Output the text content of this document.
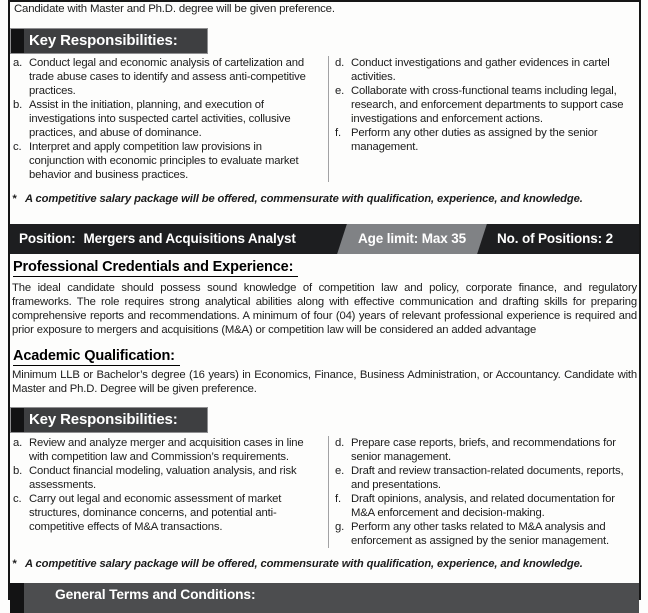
Candidate with Master and Ph.D. degree will be given preference.
Key Responsibilities:
a. Conduct legal and economic analysis of cartelization and trade abuse cases to identify and assess anti-competitive practices.
b. Assist in the initiation, planning, and execution of investigations into suspected cartel activities, collusive practices, and abuse of dominance.
c. Interpret and apply competition law provisions in conjunction with economic principles to evaluate market behavior and business practices.
d. Conduct investigations and gather evidences in cartel activities.
e. Collaborate with cross-functional teams including legal, research, and enforcement departments to support case investigations and enforcement actions.
f. Perform any other duties as assigned by the senior management.
* A competitive salary package will be offered, commensurate with qualification, experience, and knowledge.
Position: Mergers and Acquisitions Analyst	Age limit: Max 35	No. of Positions: 2
Professional Credentials and Experience:
The ideal candidate should possess sound knowledge of competition law and policy, corporate finance, and regulatory frameworks. The role requires strong analytical abilities along with effective communication and drafting skills for preparing comprehensive reports and recommendations. A minimum of four (04) years of relevant professional experience is required and prior exposure to mergers and acquisitions (M&A) or competition law will be considered an added advantage
Academic Qualification:
Minimum LLB or Bachelor’s degree (16 years) in Economics, Finance, Business Administration, or Accountancy. Candidate with Master and Ph.D. Degree will be given preference.
Key Responsibilities:
a. Review and analyze merger and acquisition cases in line with competition law and Commission’s requirements.
b. Conduct financial modeling, valuation analysis, and risk assessments.
c. Carry out legal and economic assessment of market structures, dominance concerns, and potential anti-competitive effects of M&A transactions.
d. Prepare case reports, briefs, and recommendations for senior management.
e. Draft and review transaction-related documents, reports, and presentations.
f. Draft opinions, analysis, and related documentation for M&A enforcement and decision-making.
g. Perform any other tasks related to M&A analysis and enforcement as assigned by the senior management.
* A competitive salary package will be offered, commensurate with qualification, experience, and knowledge.
General Terms and Conditions:
